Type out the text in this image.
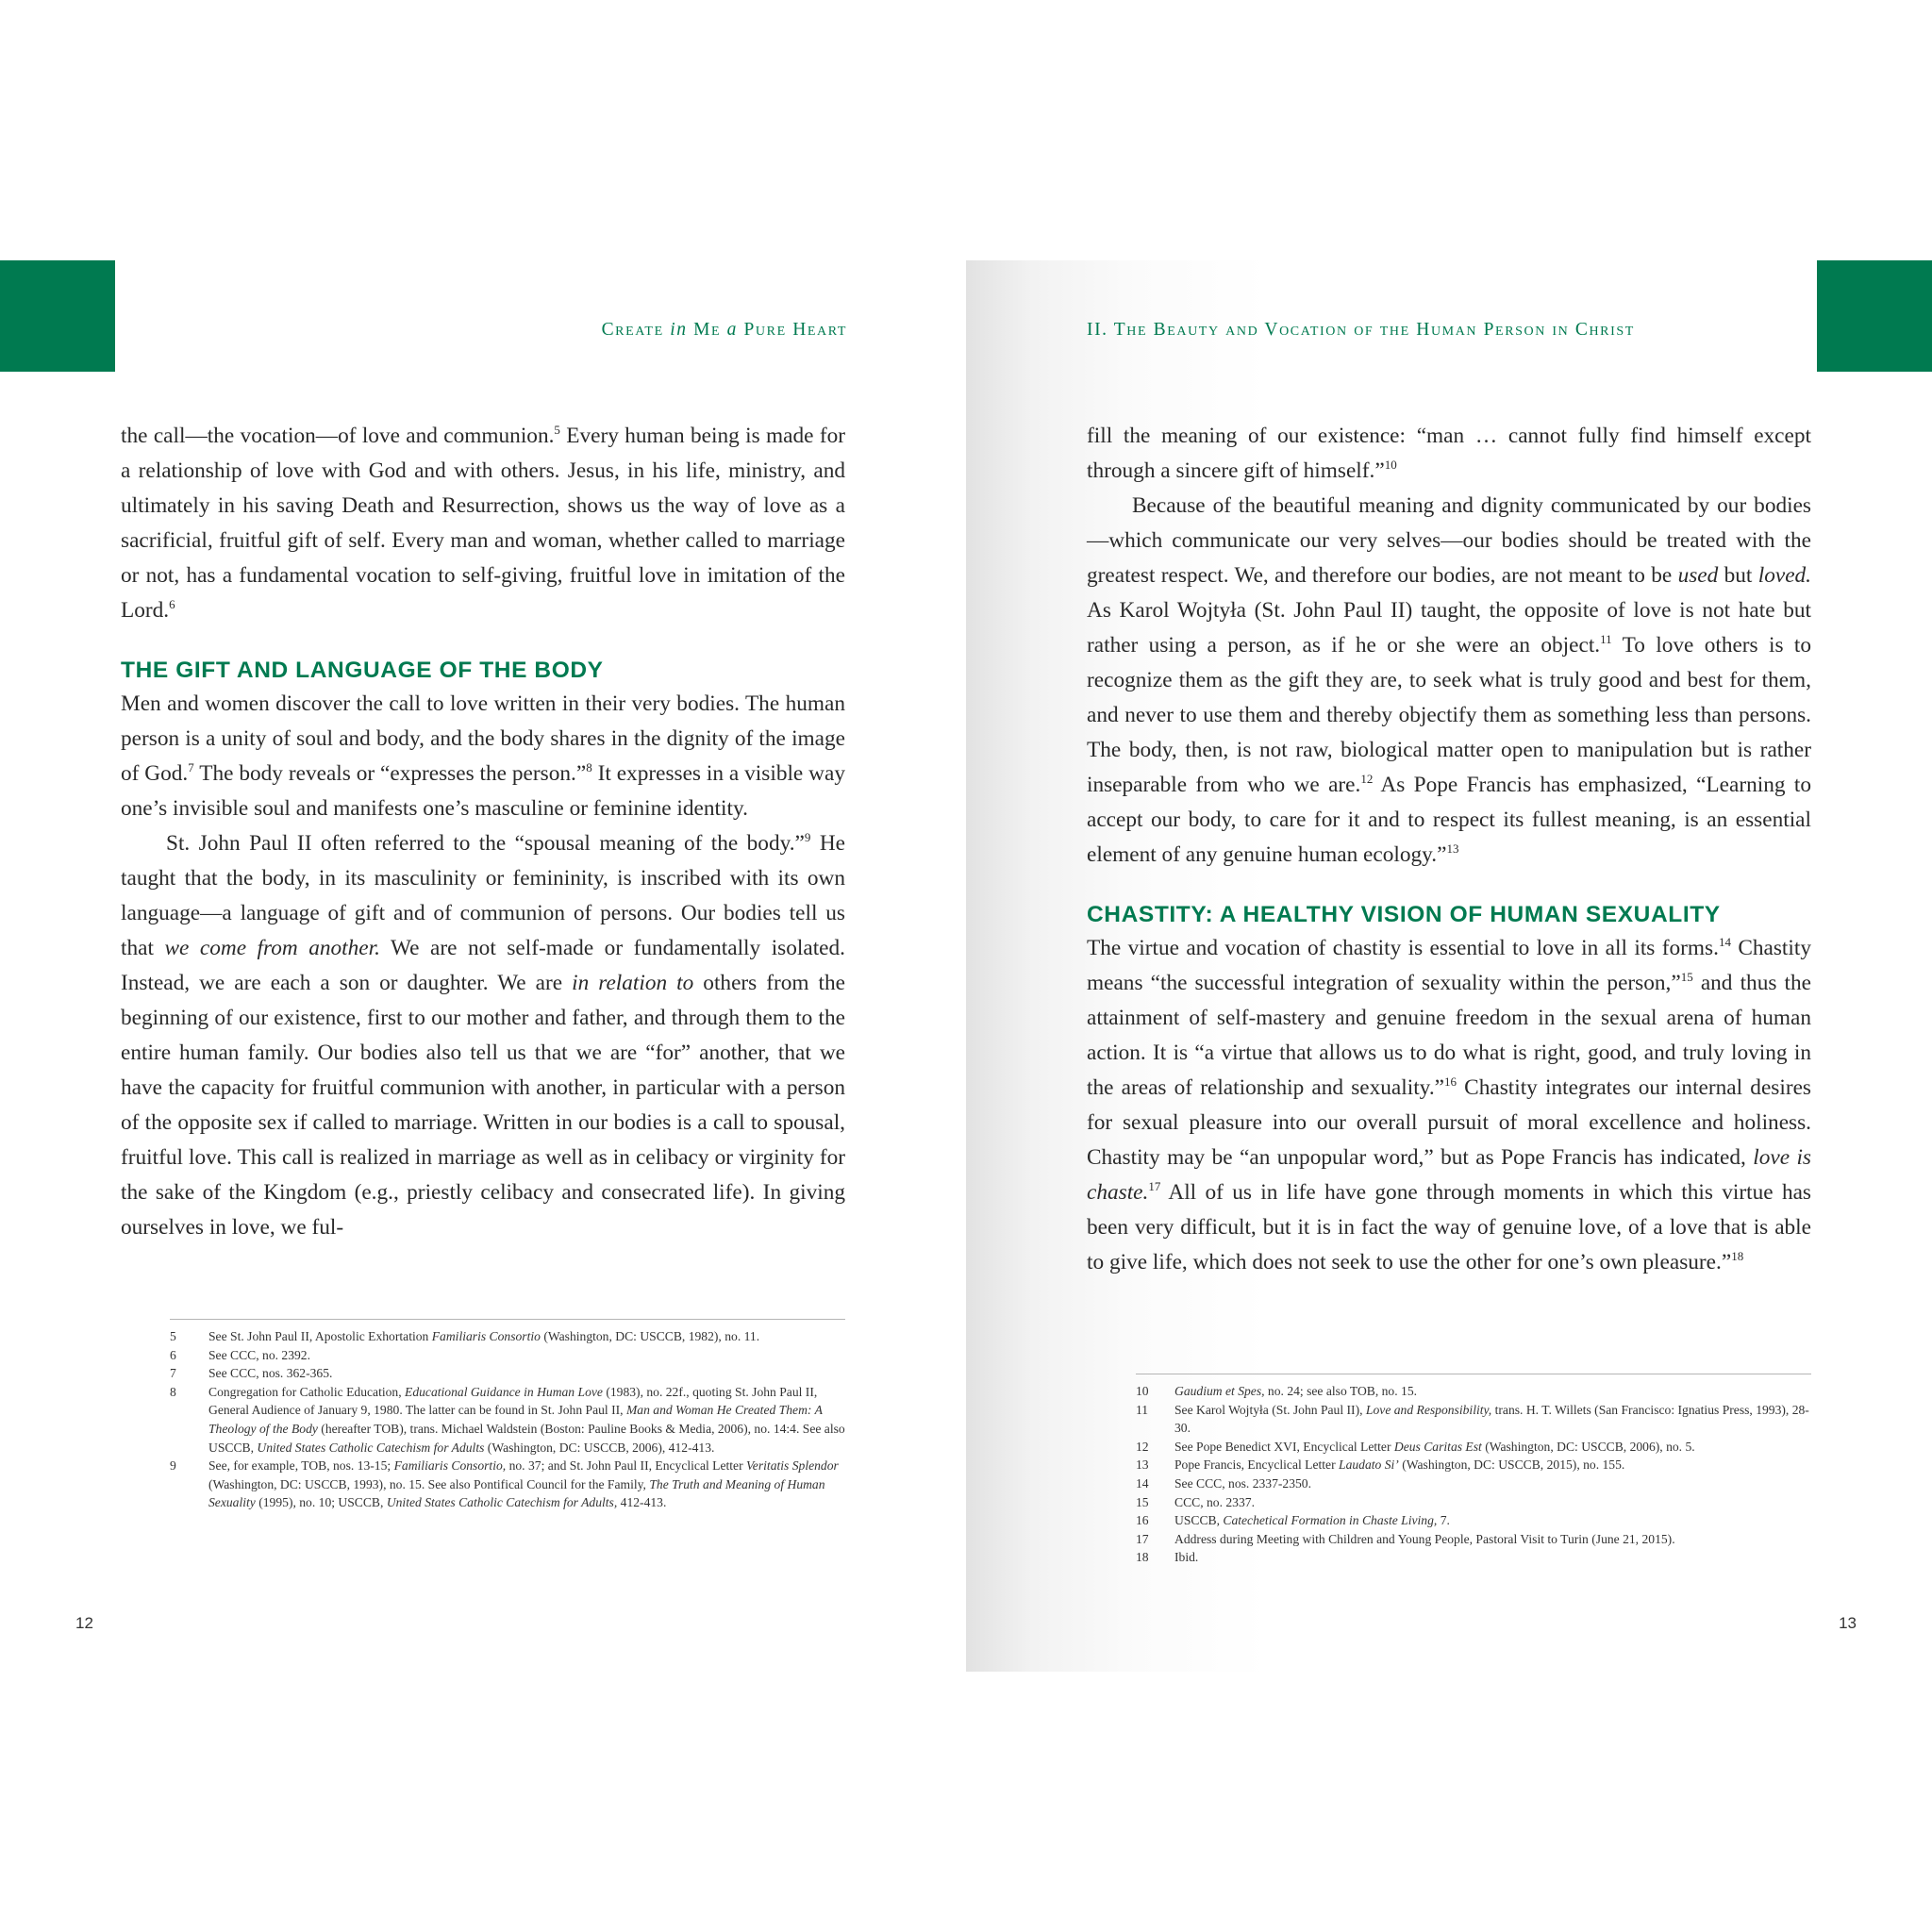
Create in Me a Pure Heart

the call—the vocation—of love and communion.$^5$ Every human being is made for a relationship of love with God and with others. Jesus, in his life, ministry, and ultimately in his saving Death and Resurrection, shows us the way of love as a sacrificial, fruitful gift of self. Every man and woman, whether called to marriage or not, has a fundamental vocation to self-giving, fruitful love in imitation of the Lord.$^6$

THE GIFT AND LANGUAGE OF THE BODY

Men and women discover the call to love written in their very bodies. The human person is a unity of soul and body, and the body shares in the dignity of the image of God.$^7$ The body reveals or “expresses the person.”$^8$ It expresses in a visible way one’s invisible soul and manifests one’s masculine or feminine identity.

St. John Paul II often referred to the “spousal meaning of the body.”$^9$ He taught that the body, in its masculinity or femininity, is inscribed with its own language—a language of gift and of communion of persons. Our bodies tell us that we come from another. We are not self-made or fundamentally isolated. Instead, we are each a son or daughter. We are in relation to others from the beginning of our existence, first to our mother and father, and through them to the entire human family. Our bodies also tell us that we are “for” another, that we have the capacity for fruitful communion with another, in particular with a person of the opposite sex if called to marriage. Written in our bodies is a call to spousal, fruitful love. This call is realized in marriage as well as in celibacy or virginity for the sake of the Kingdom (e.g., priestly celibacy and consecrated life). In giving ourselves in love, we ful-

5	See St. John Paul II, Apostolic Exhortation Familiaris Consortio (Washington, DC: USCCB, 1982), no. 11.
6	See CCC, no. 2392.
7	See CCC, nos. 362-365.
8	Congregation for Catholic Education, Educational Guidance in Human Love (1983), no. 22f., quoting St. John Paul II, General Audience of January 9, 1980. The latter can be found in St. John Paul II, Man and Woman He Created Them: A Theology of the Body (hereafter TOB), trans. Michael Waldstein (Boston: Pauline Books & Media, 2006), no. 14:4. See also USCCB, United States Catholic Catechism for Adults (Washington, DC: USCCB, 2006), 412-413.
9	See, for example, TOB, nos. 13-15; Familiaris Consortio, no. 37; and St. John Paul II, Encyclical Letter Veritatis Splendor (Washington, DC: USCCB, 1993), no. 15. See also Pontifical Council for the Family, The Truth and Meaning of Human Sexuality (1995), no. 10; USCCB, United States Catholic Catechism for Adults, 412-413.
12
II. The Beauty and Vocation of the Human Person in Christ

fill the meaning of our existence: “man … cannot fully find himself except through a sincere gift of himself.”$^{10}$

Because of the beautiful meaning and dignity communicated by our bodies—which communicate our very selves—our bodies should be treated with the greatest respect. We, and therefore our bodies, are not meant to be used but loved. As Karol Wojtyła (St. John Paul II) taught, the opposite of love is not hate but rather using a person, as if he or she were an object.$^{11}$ To love others is to recognize them as the gift they are, to seek what is truly good and best for them, and never to use them and thereby objectify them as something less than persons. The body, then, is not raw, biological matter open to manipulation but is rather inseparable from who we are.$^{12}$ As Pope Francis has emphasized, “Learning to accept our body, to care for it and to respect its fullest meaning, is an essential element of any genuine human ecology.”$^{13}$

CHASTITY: A HEALTHY VISION OF HUMAN SEXUALITY

The virtue and vocation of chastity is essential to love in all its forms.$^{14}$ Chastity means “the successful integration of sexuality within the person,”$^{15}$ and thus the attainment of self-mastery and genuine freedom in the sexual arena of human action. It is “a virtue that allows us to do what is right, good, and truly loving in the areas of relationship and sexuality.”$^{16}$ Chastity integrates our internal desires for sexual pleasure into our overall pursuit of moral excellence and holiness. Chastity may be “an unpopular word,” but as Pope Francis has indicated, love is chaste.$^{17}$ All of us in life have gone through moments in which this virtue has been very difficult, but it is in fact the way of genuine love, of a love that is able to give life, which does not seek to use the other for one’s own pleasure.”$^{18}$

10	Gaudium et Spes, no. 24; see also TOB, no. 15.
11	See Karol Wojtyła (St. John Paul II), Love and Responsibility, trans. H. T. Willets (San Francisco: Ignatius Press, 1993), 28-30.
12	See Pope Benedict XVI, Encyclical Letter Deus Caritas Est (Washington, DC: USCCB, 2006), no. 5.
13	Pope Francis, Encyclical Letter Laudato Si’ (Washington, DC: USCCB, 2015), no. 155.
14	See CCC, nos. 2337-2350.
15	CCC, no. 2337.
16	USCCB, Catechetical Formation in Chaste Living, 7.
17	Address during Meeting with Children and Young People, Pastoral Visit to Turin (June 21, 2015).
18	Ibid.
13
